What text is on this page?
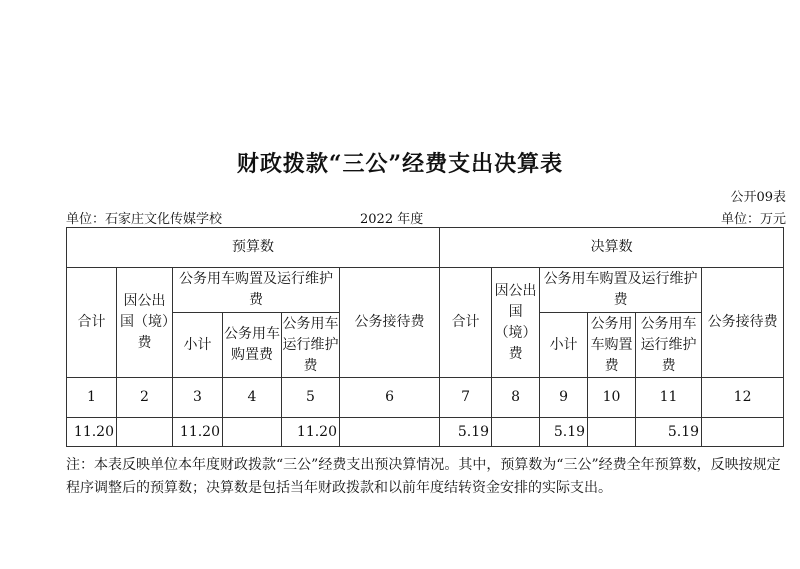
财政拨款“三公”经费支出决算表
公开09表
单位：石家庄文化传媒学校	2022 年度	单位：万元
预算数						决算数					
合计	因公出国（境）费	公务用车购置及运行维护费			公务接待费	合计	因公出国（境）费	公务用车购置及运行维护费			公务接待费
		小计	公务用车购置费	公务用车运行维护费				小计	公务用车购置费	公务用车运行维护费	
1	2	3	4	5	6	7	8	9	10	11	12
11.20		11.20		11.20		5.19		5.19		5.19	
注：本表反映单位本年度财政拨款“三公”经费支出预决算情况。其中，预算数为“三公”经费全年预算数，反映按规定程序调整后的预算数；决算数是包括当年财政拨款和以前年度结转资金安排的实际支出。
